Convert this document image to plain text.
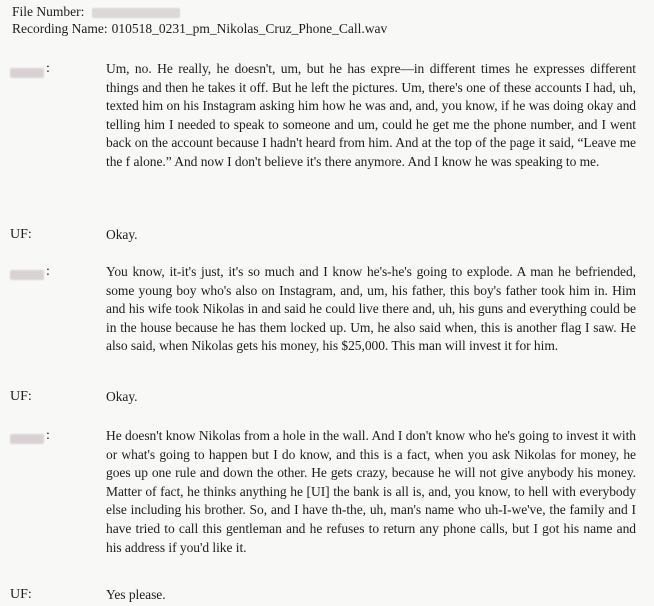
File Number:
Recording Name: 010518_0231_pm_Nikolas_Cruz_Phone_Call.wav
:	Um, no. He really, he doesn't, um, but he has expre—in different times he expresses different things and then he takes it off. But he left the pictures. Um, there's one of these accounts I had, uh, texted him on his Instagram asking him how he was and, and, you know, if he was doing okay and telling him I needed to speak to someone and um, could he get me the phone number, and I went back on the account because I hadn't heard from him. And at the top of the page it said, “Leave me the f alone.” And now I don't believe it's there anymore. And I know he was speaking to me.
UF:	Okay.
:	You know, it-it's just, it's so much and I know he's-he's going to explode. A man he befriended, some young boy who's also on Instagram, and, um, his father, this boy's father took him in. Him and his wife took Nikolas in and said he could live there and, uh, his guns and everything could be in the house because he has them locked up. Um, he also said when, this is another flag I saw. He also said, when Nikolas gets his money, his $25,000. This man will invest it for him.
UF:	Okay.
:	He doesn't know Nikolas from a hole in the wall. And I don't know who he's going to invest it with or what's going to happen but I do know, and this is a fact, when you ask Nikolas for money, he goes up one rule and down the other. He gets crazy, because he will not give anybody his money. Matter of fact, he thinks anything he [UI] the bank is all is, and, you know, to hell with everybody else including his brother. So, and I have th-the, uh, man's name who uh-I-we've, the family and I have tried to call this gentleman and he refuses to return any phone calls, but I got his name and his address if you'd like it.
UF:	Yes please.
